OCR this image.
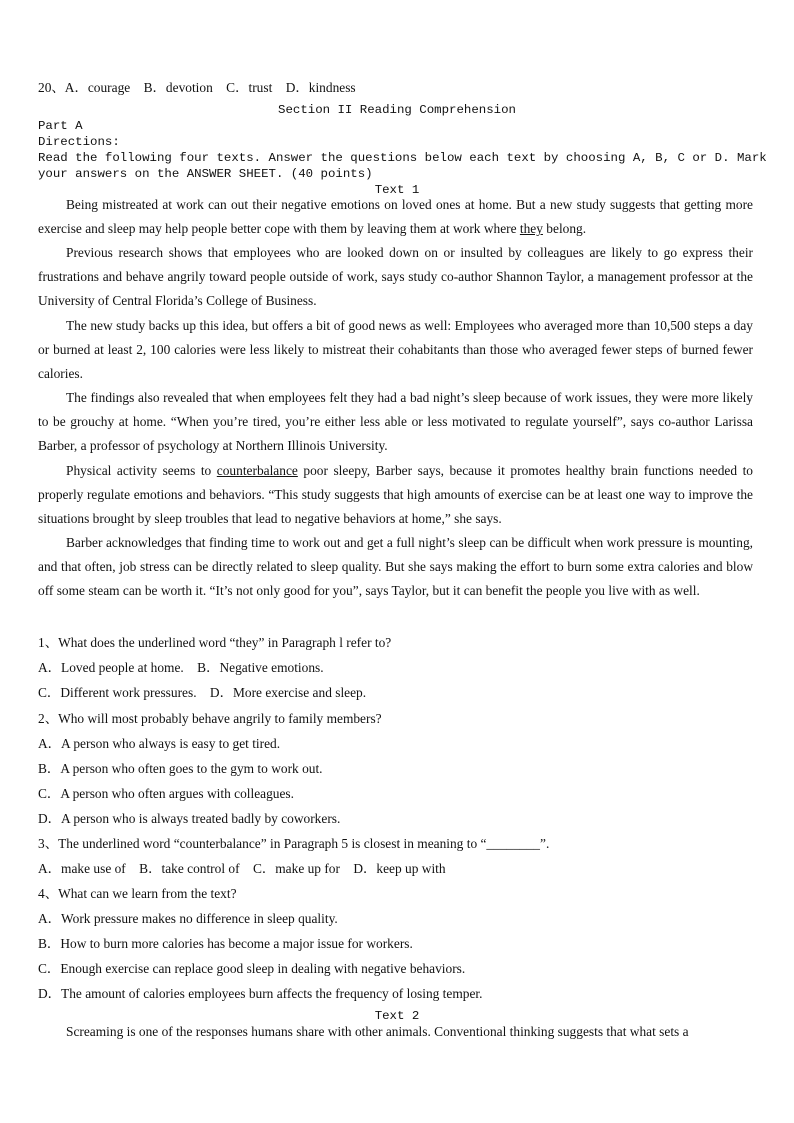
20、A．courage　B．devotion　C．trust　D．kindness
Section II Reading Comprehension
Part A
Directions:
Read the following four texts. Answer the questions below each text by choosing A, B, C or D. Mark
your answers on the ANSWER SHEET. (40 points)
Text 1
Being mistreated at work can out their negative emotions on loved ones at home. But a new study suggests that getting more exercise and sleep may help people better cope with them by leaving them at work where they belong.
Previous research shows that employees who are looked down on or insulted by colleagues are likely to go express their frustrations and behave angrily toward people outside of work, says study co-author Shannon Taylor, a management professor at the University of Central Florida’s College of Business.
The new study backs up this idea, but offers a bit of good news as well: Employees who averaged more than 10,500 steps a day or burned at least 2, 100 calories were less likely to mistreat their cohabitants than those who averaged fewer steps of burned fewer calories.
The findings also revealed that when employees felt they had a bad night’s sleep because of work issues, they were more likely to be grouchy at home. “When you’re tired, you’re either less able or less motivated to regulate yourself”, says co-author Larissa Barber, a professor of psychology at Northern Illinois University.
Physical activity seems to counterbalance poor sleepy, Barber says, because it promotes healthy brain functions needed to properly regulate emotions and behaviors. “This study suggests that high amounts of exercise can be at least one way to improve the situations brought by sleep troubles that lead to negative behaviors at home,” she says.
Barber acknowledges that finding time to work out and get a full night’s sleep can be difficult when work pressure is mounting, and that often, job stress can be directly related to sleep quality. But she says making the effort to burn some extra calories and blow off some steam can be worth it. “It’s not only good for you”, says Taylor, but it can benefit the people you live with as well.
1、What does the underlined word “they” in Paragraph l refer to?
A．Loved people at home.　B．Negative emotions.
C．Different work pressures.　D．More exercise and sleep.
2、Who will most probably behave angrily to family members?
A．A person who always is easy to get tired.
B．A person who often goes to the gym to work out.
C．A person who often argues with colleagues.
D．A person who is always treated badly by coworkers.
3、The underlined word “counterbalance” in Paragraph 5 is closest in meaning to “________”.
A．make use of　B．take control of　C．make up for　D．keep up with
4、What can we learn from the text?
A．Work pressure makes no difference in sleep quality.
B．How to burn more calories has become a major issue for workers.
C．Enough exercise can replace good sleep in dealing with negative behaviors.
D．The amount of calories employees burn affects the frequency of losing temper.
Text 2
Screaming is one of the responses humans share with other animals. Conventional thinking suggests that what sets a
